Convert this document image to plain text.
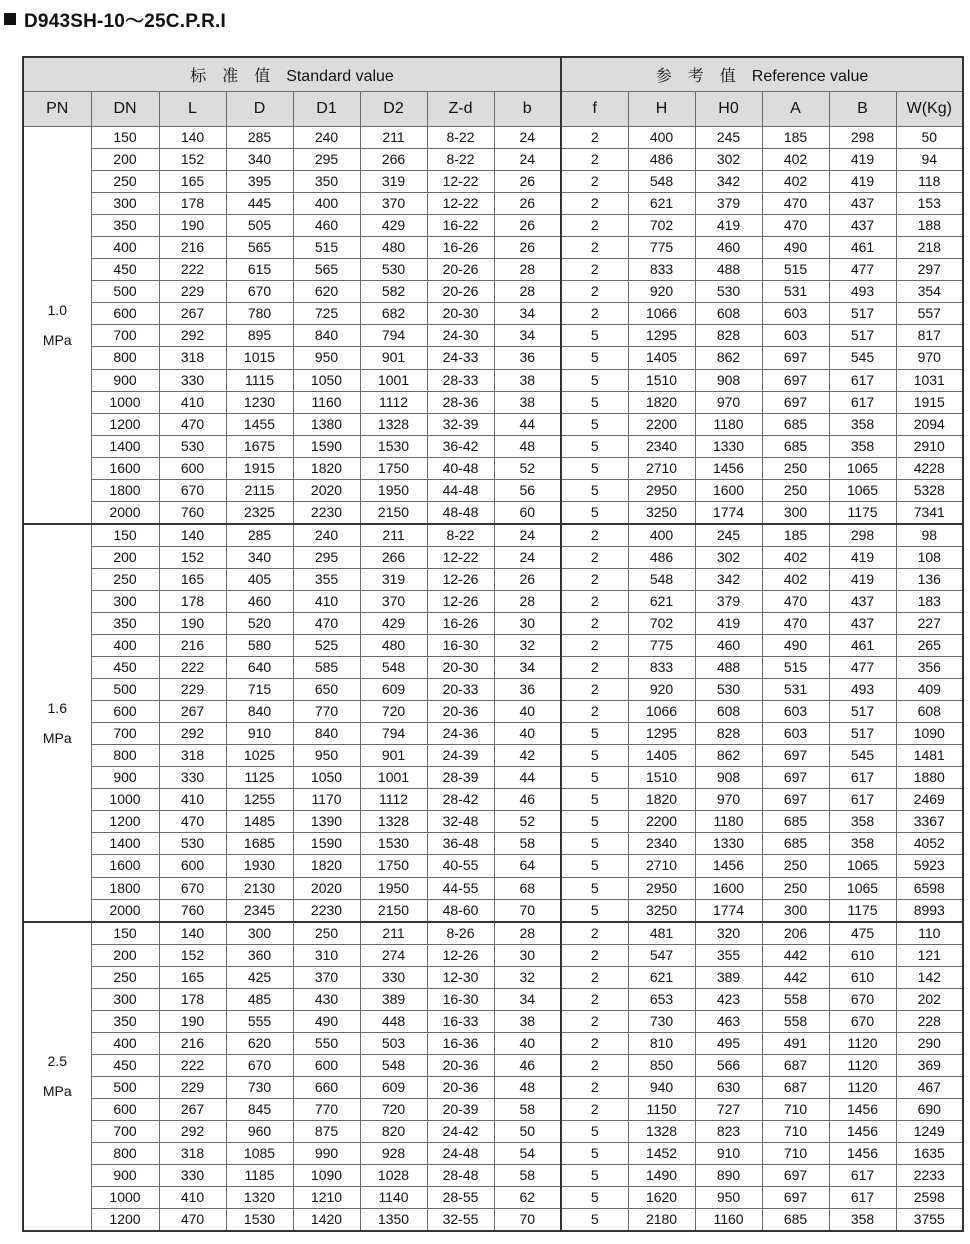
D943SH-10～25C.P.R.I
标　准　值　Standard value								参　考　值　Reference value					
PN	DN	L	D	D1	D2	Z-d	b	f	H	H0	A	B	W(Kg)

1.0
MPa	150	140	285	240	211	8-22	24	2	400	245	185	298	50
	200	152	340	295	266	8-22	24	2	486	302	402	419	94
	250	165	395	350	319	12-22	26	2	548	342	402	419	118
	300	178	445	400	370	12-22	26	2	621	379	470	437	153
	350	190	505	460	429	16-22	26	2	702	419	470	437	188
	400	216	565	515	480	16-26	26	2	775	460	490	461	218
	450	222	615	565	530	20-26	28	2	833	488	515	477	297
	500	229	670	620	582	20-26	28	2	920	530	531	493	354
	600	267	780	725	682	20-30	34	2	1066	608	603	517	557
	700	292	895	840	794	24-30	34	5	1295	828	603	517	817
	800	318	1015	950	901	24-33	36	5	1405	862	697	545	970
	900	330	1115	1050	1001	28-33	38	5	1510	908	697	617	1031
	1000	410	1230	1160	1112	28-36	38	5	1820	970	697	617	1915
	1200	470	1455	1380	1328	32-39	44	5	2200	1180	685	358	2094
	1400	530	1675	1590	1530	36-42	48	5	2340	1330	685	358	2910
	1600	600	1915	1820	1750	40-48	52	5	2710	1456	250	1065	4228
	1800	670	2115	2020	1950	44-48	56	5	2950	1600	250	1065	5328
	2000	760	2325	2230	2150	48-48	60	5	3250	1774	300	1175	7341

1.6
MPa	150	140	285	240	211	8-22	24	2	400	245	185	298	98
	200	152	340	295	266	12-22	24	2	486	302	402	419	108
	250	165	405	355	319	12-26	26	2	548	342	402	419	136
	300	178	460	410	370	12-26	28	2	621	379	470	437	183
	350	190	520	470	429	16-26	30	2	702	419	470	437	227
	400	216	580	525	480	16-30	32	2	775	460	490	461	265
	450	222	640	585	548	20-30	34	2	833	488	515	477	356
	500	229	715	650	609	20-33	36	2	920	530	531	493	409
	600	267	840	770	720	20-36	40	2	1066	608	603	517	608
	700	292	910	840	794	24-36	40	5	1295	828	603	517	1090
	800	318	1025	950	901	24-39	42	5	1405	862	697	545	1481
	900	330	1125	1050	1001	28-39	44	5	1510	908	697	617	1880
	1000	410	1255	1170	1112	28-42	46	5	1820	970	697	617	2469
	1200	470	1485	1390	1328	32-48	52	5	2200	1180	685	358	3367
	1400	530	1685	1590	1530	36-48	58	5	2340	1330	685	358	4052
	1600	600	1930	1820	1750	40-55	64	5	2710	1456	250	1065	5923
	1800	670	2130	2020	1950	44-55	68	5	2950	1600	250	1065	6598
	2000	760	2345	2230	2150	48-60	70	5	3250	1774	300	1175	8993

2.5
MPa	150	140	300	250	211	8-26	28	2	481	320	206	475	110
	200	152	360	310	274	12-26	30	2	547	355	442	610	121
	250	165	425	370	330	12-30	32	2	621	389	442	610	142
	300	178	485	430	389	16-30	34	2	653	423	558	670	202
	350	190	555	490	448	16-33	38	2	730	463	558	670	228
	400	216	620	550	503	16-36	40	2	810	495	491	1120	290
	450	222	670	600	548	20-36	46	2	850	566	687	1120	369
	500	229	730	660	609	20-36	48	2	940	630	687	1120	467
	600	267	845	770	720	20-39	58	2	1150	727	710	1456	690
	700	292	960	875	820	24-42	50	5	1328	823	710	1456	1249
	800	318	1085	990	928	24-48	54	5	1452	910	710	1456	1635
	900	330	1185	1090	1028	28-48	58	5	1490	890	697	617	2233
	1000	410	1320	1210	1140	28-55	62	5	1620	950	697	617	2598
	1200	470	1530	1420	1350	32-55	70	5	2180	1160	685	358	3755
